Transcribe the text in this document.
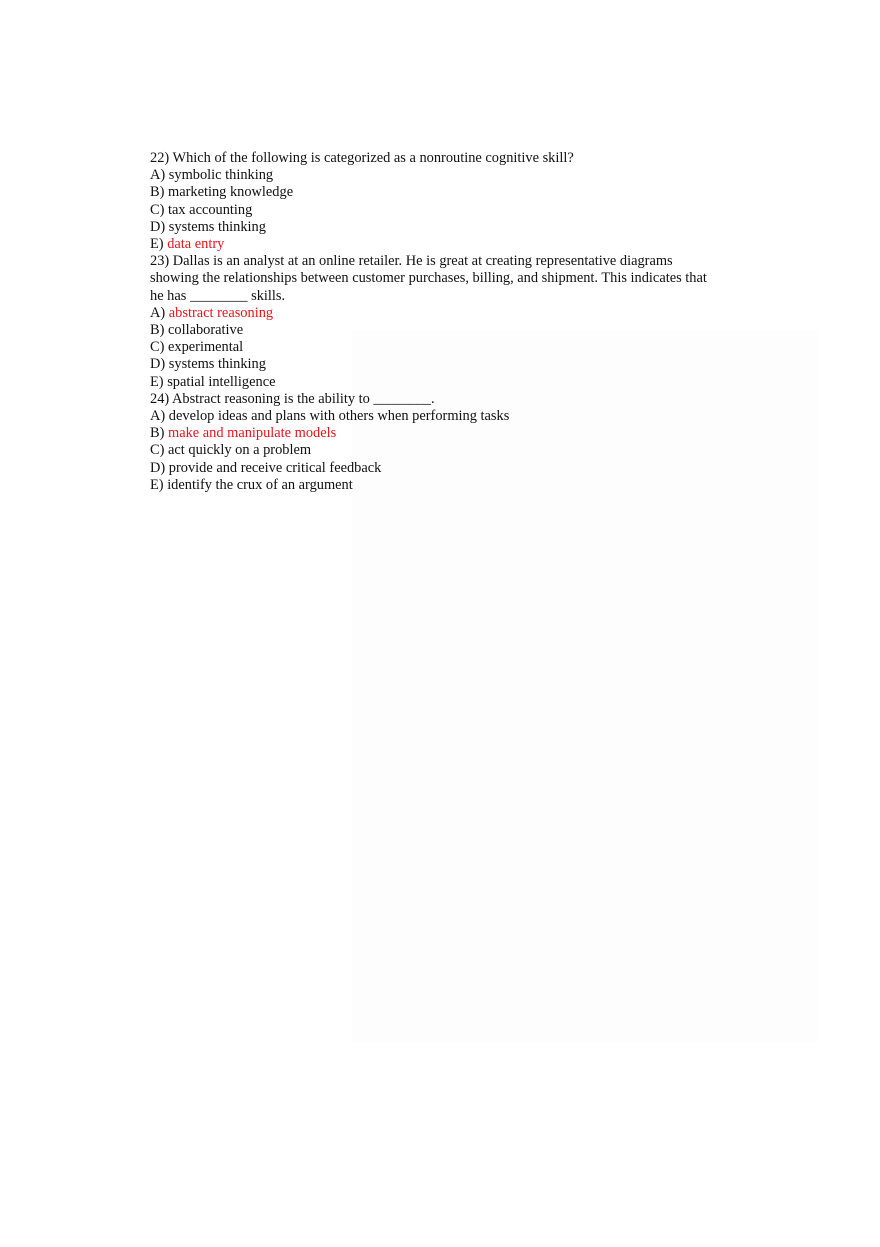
22) Which of the following is categorized as a nonroutine cognitive skill?
A) symbolic thinking
B) marketing knowledge
C) tax accounting
D) systems thinking
E) data entry
23) Dallas is an analyst at an online retailer. He is great at creating representative diagrams
showing the relationships between customer purchases, billing, and shipment. This indicates that
he has ________ skills.
A) abstract reasoning
B) collaborative
C) experimental
D) systems thinking
E) spatial intelligence
24) Abstract reasoning is the ability to ________.
A) develop ideas and plans with others when performing tasks
B) make and manipulate models
C) act quickly on a problem
D) provide and receive critical feedback
E) identify the crux of an argument
